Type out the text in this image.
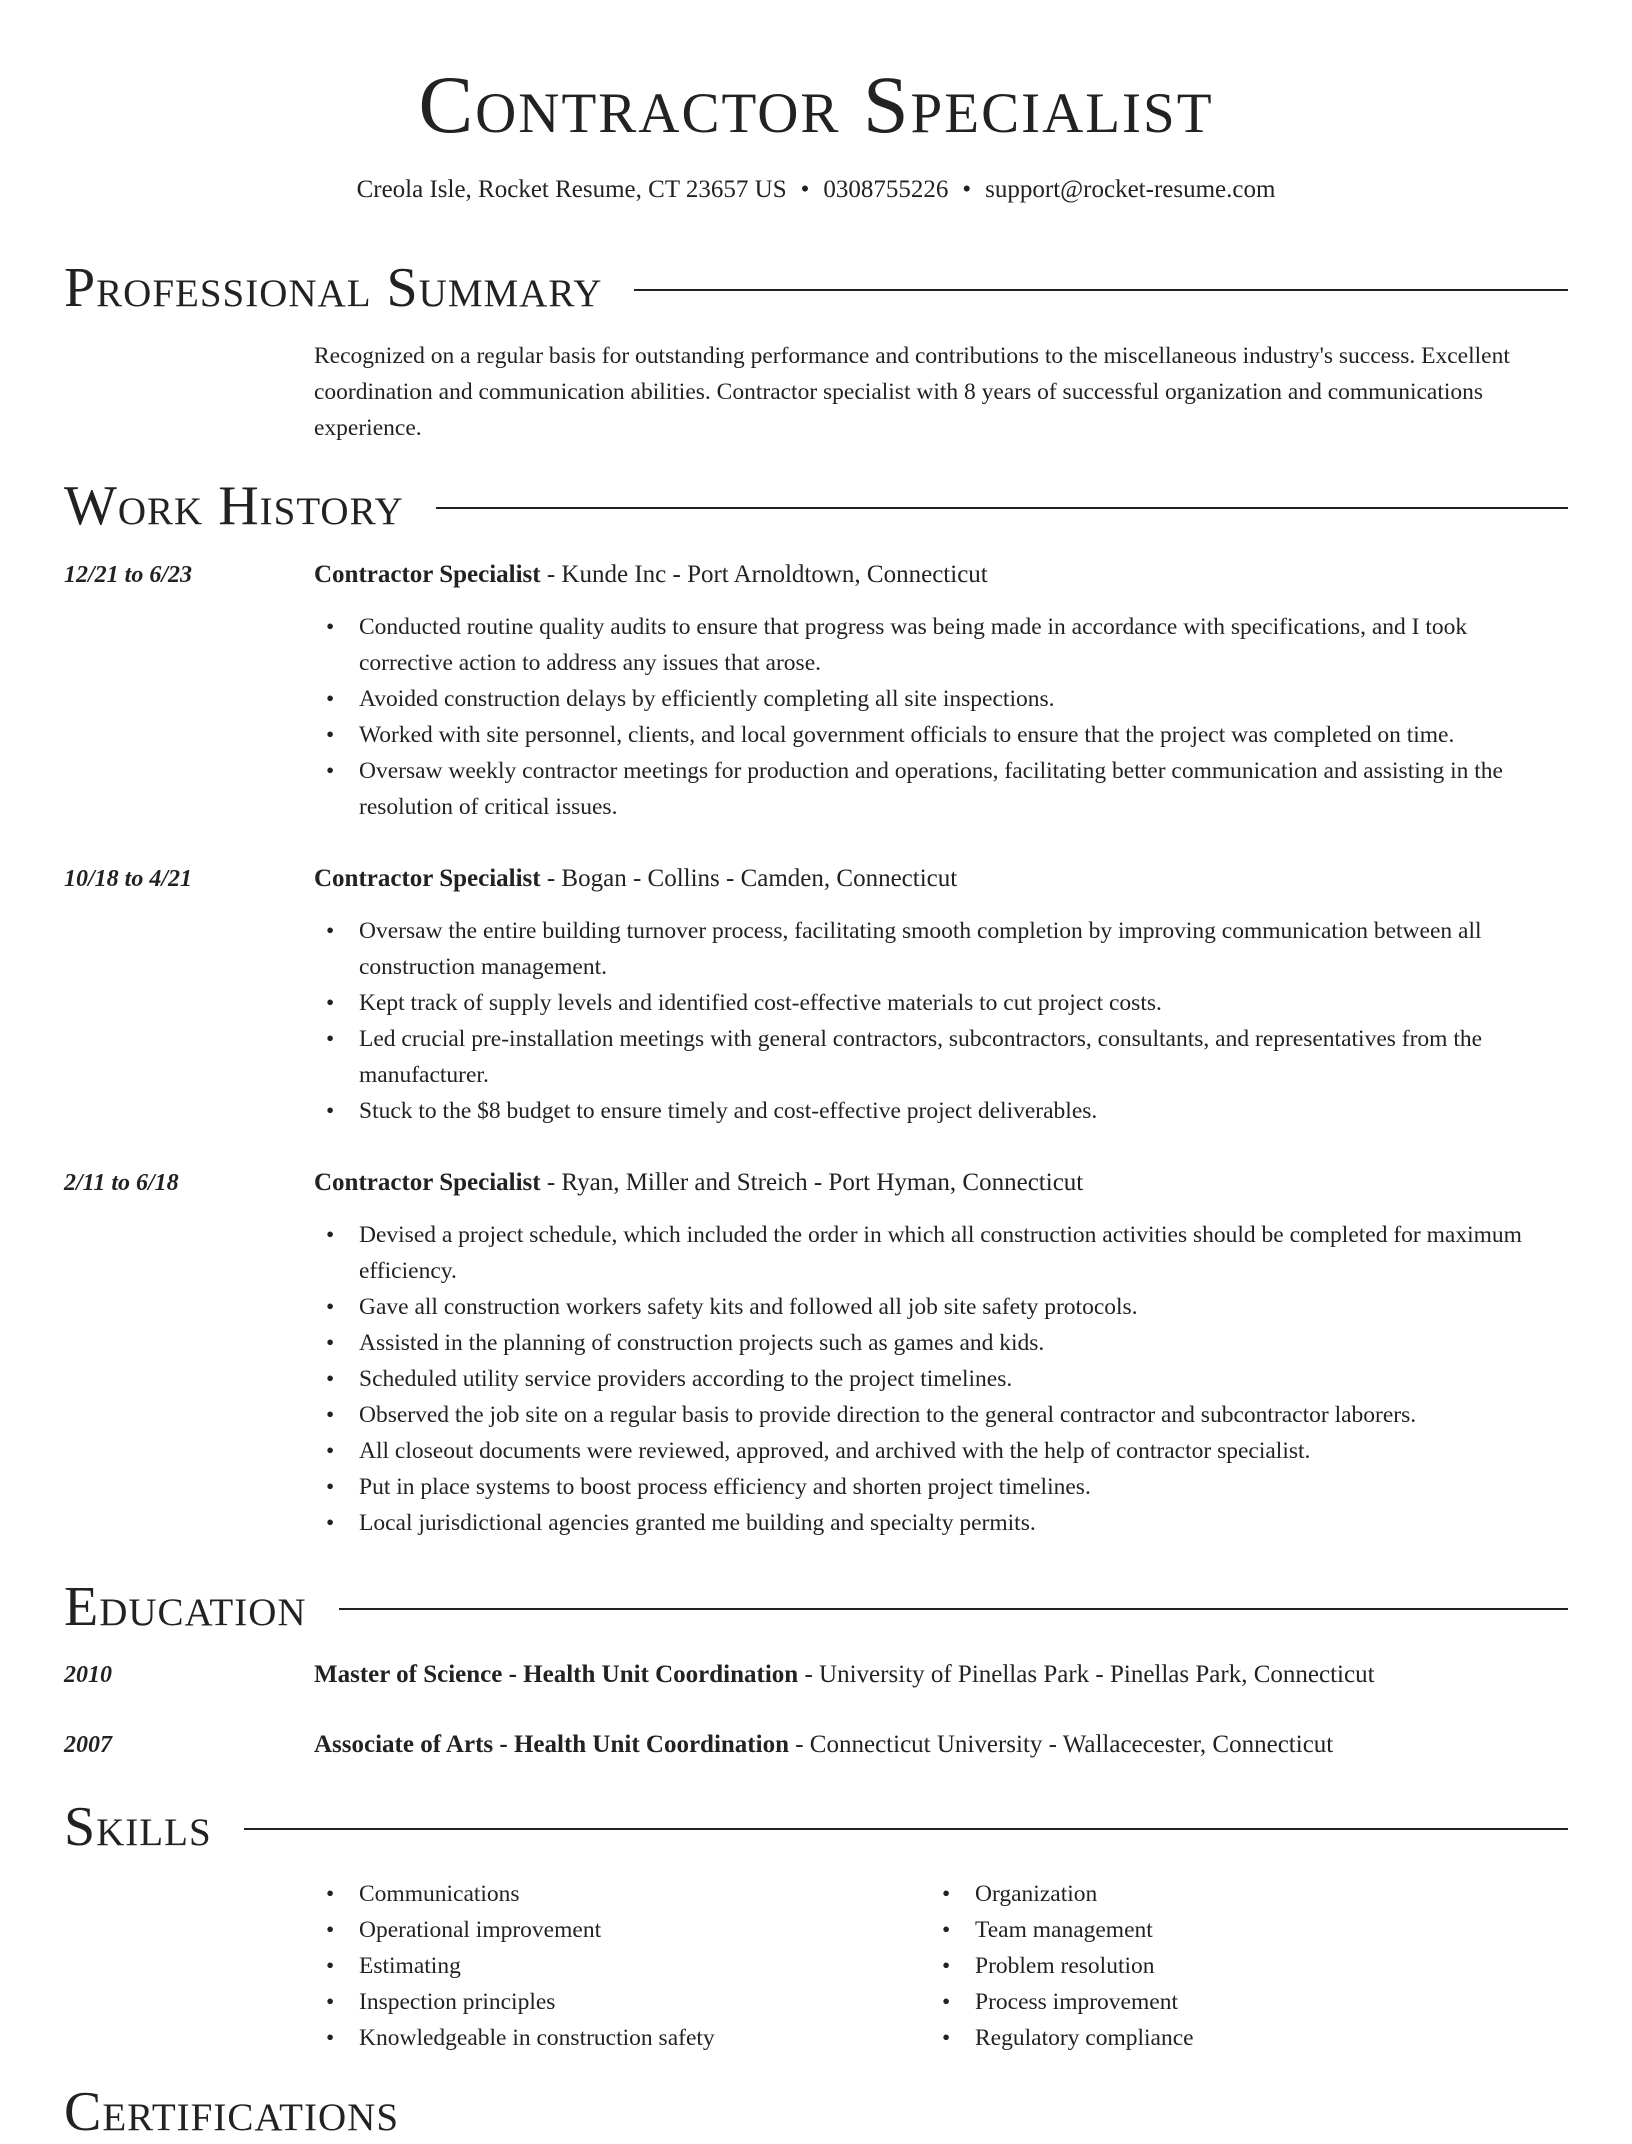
Contractor Specialist
Creola Isle, Rocket Resume, CT 23657 US • 0308755226 • support@rocket-resume.com
Professional Summary
Recognized on a regular basis for outstanding performance and contributions to the miscellaneous industry's success. Excellent coordination and communication abilities. Contractor specialist with 8 years of successful organization and communications experience.
Work History
12/21 to 6/23	Contractor Specialist - Kunde Inc - Port Arnoldtown, Connecticut
• Conducted routine quality audits to ensure that progress was being made in accordance with specifications, and I took corrective action to address any issues that arose.
• Avoided construction delays by efficiently completing all site inspections.
• Worked with site personnel, clients, and local government officials to ensure that the project was completed on time.
• Oversaw weekly contractor meetings for production and operations, facilitating better communication and assisting in the resolution of critical issues.
10/18 to 4/21	Contractor Specialist - Bogan - Collins - Camden, Connecticut
• Oversaw the entire building turnover process, facilitating smooth completion by improving communication between all construction management.
• Kept track of supply levels and identified cost-effective materials to cut project costs.
• Led crucial pre-installation meetings with general contractors, subcontractors, consultants, and representatives from the manufacturer.
• Stuck to the $8 budget to ensure timely and cost-effective project deliverables.
2/11 to 6/18	Contractor Specialist - Ryan, Miller and Streich - Port Hyman, Connecticut
• Devised a project schedule, which included the order in which all construction activities should be completed for maximum efficiency.
• Gave all construction workers safety kits and followed all job site safety protocols.
• Assisted in the planning of construction projects such as games and kids.
• Scheduled utility service providers according to the project timelines.
• Observed the job site on a regular basis to provide direction to the general contractor and subcontractor laborers.
• All closeout documents were reviewed, approved, and archived with the help of contractor specialist.
• Put in place systems to boost process efficiency and shorten project timelines.
• Local jurisdictional agencies granted me building and specialty permits.
Education
2010	Master of Science - Health Unit Coordination - University of Pinellas Park - Pinellas Park, Connecticut
2007	Associate of Arts - Health Unit Coordination - Connecticut University - Wallacecester, Connecticut
Skills
• Communications
• Operational improvement
• Estimating
• Inspection principles
• Knowledgeable in construction safety
• Organization
• Team management
• Problem resolution
• Process improvement
• Regulatory compliance
Certifications
